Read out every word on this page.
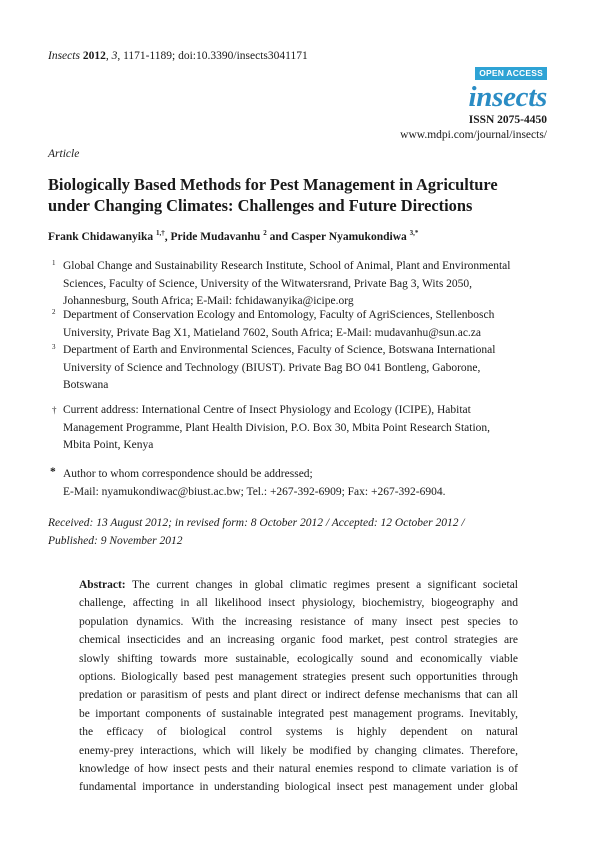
Insects 2012, 3, 1171-1189; doi:10.3390/insects3041171
OPEN ACCESS
insects
ISSN 2075-4450
www.mdpi.com/journal/insects/
Article
Biologically Based Methods for Pest Management in Agriculture
under Changing Climates: Challenges and Future Directions
Frank Chidawanyika $^{1,\dagger}$, Pride Mudavanhu $^2$ and Casper Nyamukondiwa $^{3,*}$
1 Global Change and Sustainability Research Institute, School of Animal, Plant and Environmental
Sciences, Faculty of Science, University of the Witwatersrand, Private Bag 3, Wits 2050,
Johannesburg, South Africa; E-Mail: fchidawanyika@icipe.org
2 Department of Conservation Ecology and Entomology, Faculty of AgriSciences, Stellenbosch
University, Private Bag X1, Matieland 7602, South Africa; E-Mail: mudavanhu@sun.ac.za
3 Department of Earth and Environmental Sciences, Faculty of Science, Botswana International
University of Science and Technology (BIUST). Private Bag BO 041 Bontleng, Gaborone,
Botswana
† Current address: International Centre of Insect Physiology and Ecology (ICIPE), Habitat
Management Programme, Plant Health Division, P.O. Box 30, Mbita Point Research Station,
Mbita Point, Kenya
* Author to whom correspondence should be addressed;
E-Mail: nyamukondiwac@biust.ac.bw; Tel.: +267-392-6909; Fax: +267-392-6904.
Received: 13 August 2012; in revised form: 8 October 2012 / Accepted: 12 October 2012 /
Published: 9 November 2012
Abstract: The current changes in global climatic regimes present a significant societal
challenge, affecting in all likelihood insect physiology, biochemistry, biogeography and
population dynamics. With the increasing resistance of many insect pest species to
chemical insecticides and an increasing organic food market, pest control strategies are
slowly shifting towards more sustainable, ecologically sound and economically viable
options. Biologically based pest management strategies present such opportunities through
predation or parasitism of pests and plant direct or indirect defense mechanisms that can all
be important components of sustainable integrated pest management programs. Inevitably,
the efficacy of biological control systems is highly dependent on natural
enemy-prey interactions, which will likely be modified by changing climates. Therefore,
knowledge of how insect pests and their natural enemies respond to climate variation is of
fundamental importance in understanding biological insect pest management under global
